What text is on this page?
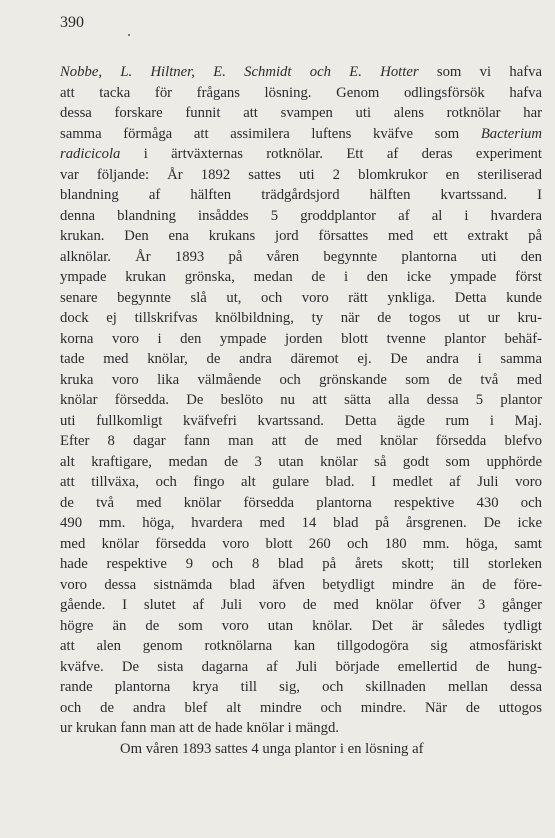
390
Nobbe, L. Hiltner, E. Schmidt och E. Hotter som vi hafva
att tacka för frågans lösning. Genom odlingsförsök hafva
dessa forskare funnit att svampen uti alens rotknölar har
samma förmåga att assimilera luftens kväfve som Bacterium
radicicola i ärtväxternas rotknölar. Ett af deras experiment
var följande: År 1892 sattes uti 2 blomkrukor en steriliserad
blandning af hälften trädgårdsjord hälften kvartssand. I
denna blandning insåddes 5 groddplantor af al i hvardera
krukan. Den ena krukans jord försattes med ett extrakt på
alknölar. År 1893 på våren begynnte plantorna uti den
ympade krukan grönska, medan de i den icke ympade först
senare begynnte slå ut, och voro rätt ynkliga. Detta kunde
dock ej tillskrifvas knölbildning, ty när de togos ut ur kru-
korna voro i den ympade jorden blott tvenne plantor behäf-
tade med knölar, de andra däremot ej. De andra i samma
kruka voro lika välmående och grönskande som de två med
knölar försedda. De beslöto nu att sätta alla dessa 5 plantor
uti fullkomligt kväfvefri kvartssand. Detta ägde rum i Maj.
Efter 8 dagar fann man att de med knölar försedda blefvo
alt kraftigare, medan de 3 utan knölar så godt som upphörde
att tillväxa, och fingo alt gulare blad. I medlet af Juli voro
de två med knölar försedda plantorna respektive 430 och
490 mm. höga, hvardera med 14 blad på årsgrenen. De icke
med knölar försedda voro blott 260 och 180 mm. höga, samt
hade respektive 9 och 8 blad på årets skott; till storleken
voro dessa sistnämda blad äfven betydligt mindre än de före-
gående. I slutet af Juli voro de med knölar öfver 3 gånger
högre än de som voro utan knölar. Det är således tydligt
att alen genom rotknölarna kan tillgodogöra sig atmosfäriskt
kväfve. De sista dagarna af Juli började emellertid de hung-
rande plantorna krya till sig, och skillnaden mellan dessa
och de andra blef alt mindre och mindre. När de uttogos
ur krukan fann man att de hade knölar i mängd.
Om våren 1893 sattes 4 unga plantor i en lösning af
